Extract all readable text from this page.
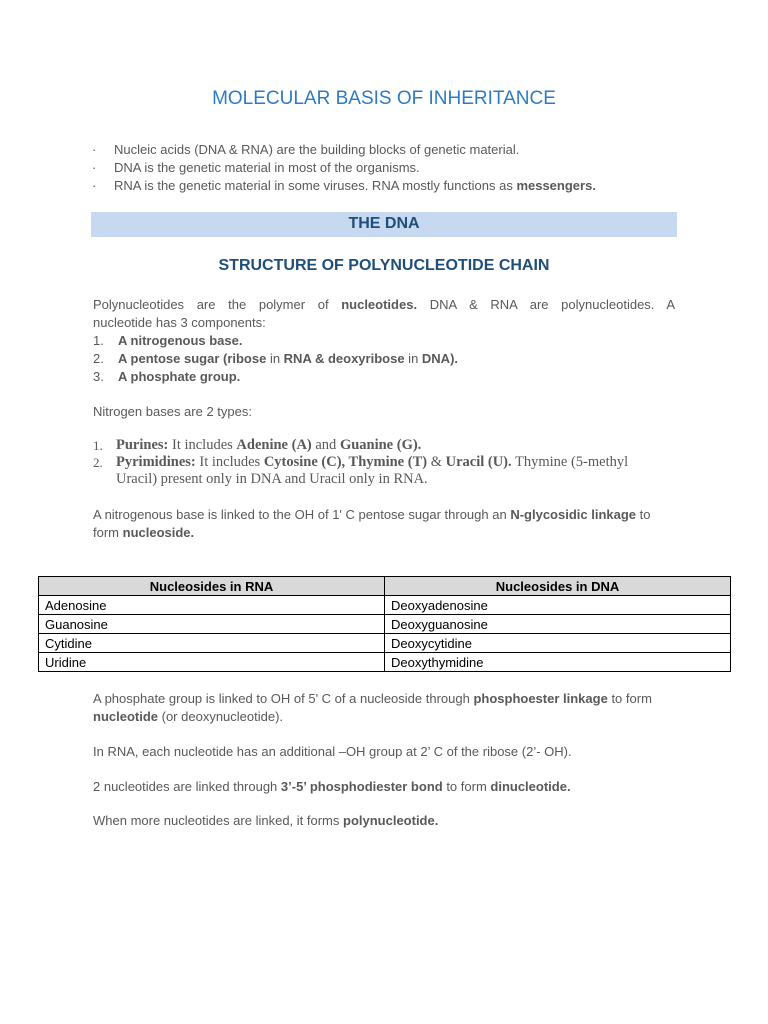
MOLECULAR BASIS OF INHERITANCE
· Nucleic acids (DNA & RNA) are the building blocks of genetic material.
· DNA is the genetic material in most of the organisms.
· RNA is the genetic material in some viruses. RNA mostly functions as messengers.
THE DNA
STRUCTURE OF POLYNUCLEOTIDE CHAIN
Polynucleotides are the polymer of nucleotides. DNA & RNA are polynucleotides. A
nucleotide has 3 components:
1. A nitrogenous base.
2. A pentose sugar (ribose in RNA & deoxyribose in DNA).
3. A phosphate group.
Nitrogen bases are 2 types:
1. Purines: It includes Adenine (A) and Guanine (G).
2. Pyrimidines: It includes Cytosine (C), Thymine (T) & Uracil (U). Thymine (5-methyl Uracil) present only in DNA and Uracil only in RNA.
A nitrogenous base is linked to the OH of 1' C pentose sugar through an N-glycosidic linkage to form nucleoside.
Nucleosides in RNA	Nucleosides in DNA
Adenosine	Deoxyadenosine
Guanosine	Deoxyguanosine
Cytidine	Deoxycytidine
Uridine	Deoxythymidine
A phosphate group is linked to OH of 5' C of a nucleoside through phosphoester linkage to form nucleotide (or deoxynucleotide).
In RNA, each nucleotide has an additional –OH group at 2’ C of the ribose (2’- OH).
2 nucleotides are linked through 3’-5’ phosphodiester bond to form dinucleotide.
When more nucleotides are linked, it forms polynucleotide.
